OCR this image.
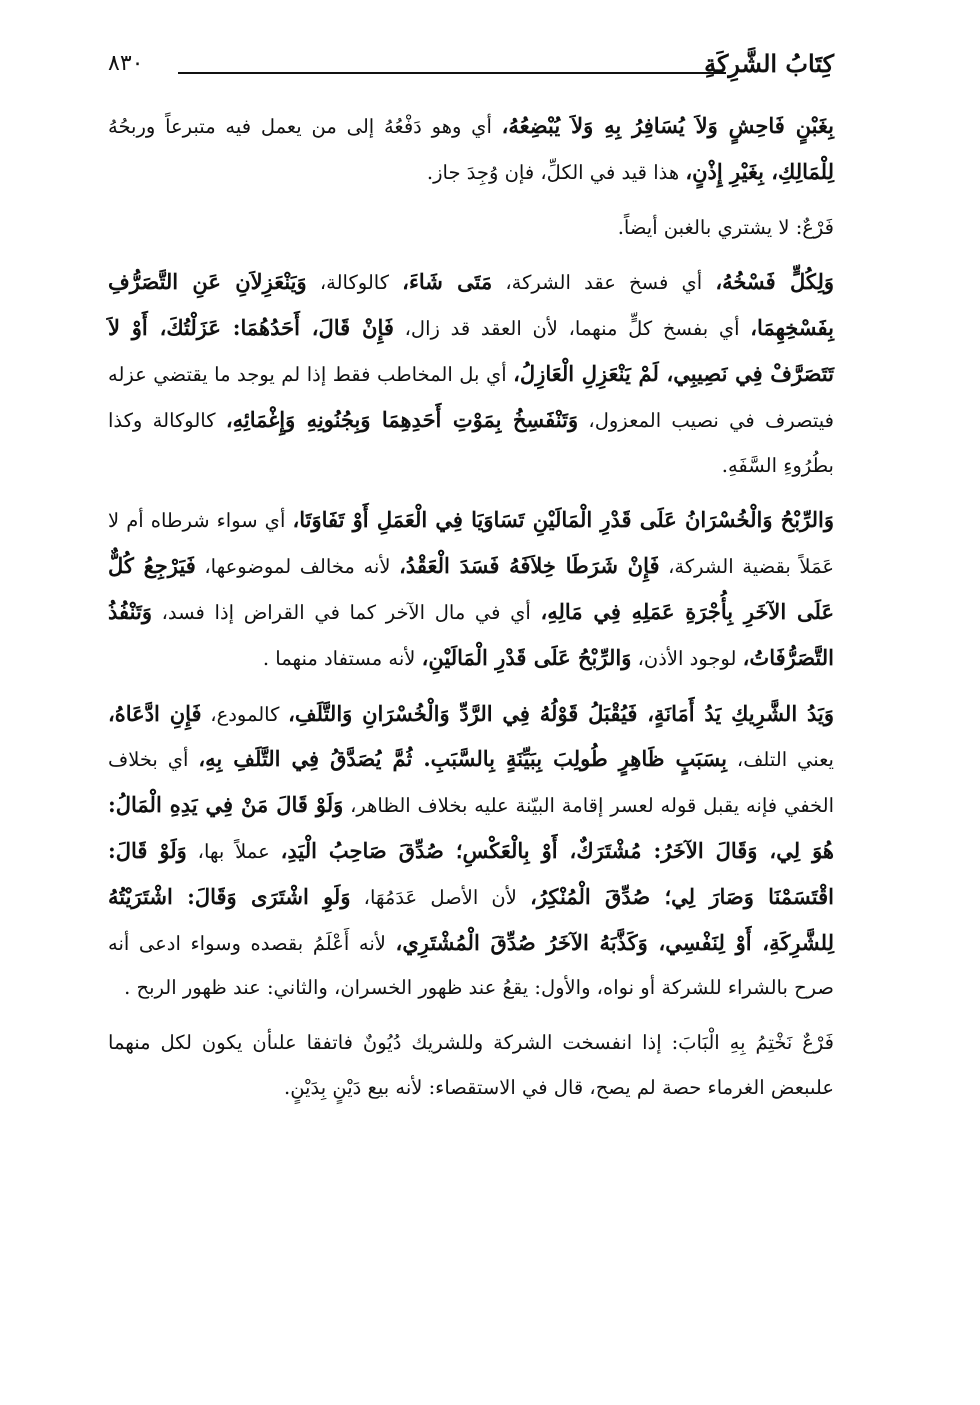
كِتَابُ الشَّرِكَةِ
٨٣٠

بِغَبْنٍ فَاحِشٍ وَلاَ يُسَافِرُ بِهِ وَلاَ يُبْضِعُهُ، أي وهو دَفْعُهُ إلى من يعمل فيه متبرعاً وربحُهُ لِلْمَالِكِ، بِغَيْرِ إِذْنٍ، هذا قيد في الكلِّ، فإن وُجِدَ جاز.

فَرْعٌ: لا يشتري بالغبن أيضاً.

وَلِكُلٍّ فَسْخُهُ، أي فسخ عقد الشركة، مَتَى شَاءَ، كالوكالة، وَيَنْعَزِلاَنِ عَنِ التَّصَرُّفِ بِفَسْخِهِمَا، أي بفسخ كلٍّ منهما، لأن العقد قد زال، فَإِنْ قَالَ، أَحَدُهُمَا: عَزَلْتُكَ، أَوْ لاَ تَتَصَرَّفْ فِي نَصِيبِي، لَمْ يَنْعَزِلِ الْعَازِلُ، أي بل المخاطب فقط إذا لم يوجد ما يقتضي عزله فيتصرف في نصيب المعزول، وَتَنْفَسِخُ بِمَوْتِ أَحَدِهِمَا وَبِجُنُونِهِ وَإِغْمَائِهِ، كالوكالة وكذا بطُرُوءِ السَّفَهِ.

وَالرِّبْحُ وَالْخُسْرَانُ عَلَى قَدْرِ الْمَالَيْنِ تَسَاوَيَا فِي الْعَمَلِ أَوْ تَفَاوَتَا، أي سواء شرطاه أم لا عَمَلاً بقضية الشركة، فَإِنْ شَرَطَا خِلاَفَهُ فَسَدَ الْعَقْدُ، لأنه مخالف لموضوعها، فَيَرْجِعُ كُلٌّ عَلَى الآخَرِ بِأُجْرَةِ عَمَلِهِ فِي مَالِهِ، أي في مال الآخر كما في القراض إذا فسد، وَتَنْفُذُ التَّصَرُّفَاتُ، لوجود الأذن، وَالرِّبْحُ عَلَى قَدْرِ الْمَالَيْنِ، لأنه مستفاد منهما .

وَيَدُ الشَّرِيكِ يَدُ أَمَانَةٍ، فَيُقْبَلُ قَوْلُهُ فِي الرَّدِّ وَالْخُسْرَانِ وَالتَّلَفِ، كالمودع، فَإِنِ ادَّعَاهُ، يعني التلف، بِسَبَبٍ ظَاهِرٍ طُولِبَ بِبَيِّنَةٍ بِالسَّبَبِ. ثُمَّ يُصَدَّقُ فِي التَّلَفِ بِهِ، أي بخلاف الخفي فإنه يقبل قوله لعسر إقامة البيّنة عليه بخلاف الظاهر، وَلَوْ قَالَ مَنْ فِي يَدِهِ الْمَالُ: هُوَ لِي، وَقَالَ الآخَرُ: مُشْتَرَكٌ، أَوْ بِالْعَكْسِ؛ صُدِّقَ صَاحِبُ الْيَدِ، عملاً بها، وَلَوْ قَالَ: اقْتَسَمْنَا وَصَارَ لِي؛ صُدِّقَ الْمُنْكِرُ، لأن الأصل عَدَمُهَا، وَلَوِ اشْتَرَى وَقَالَ: اشْتَرَيْتُهُ لِلشَّرِكَةِ، أَوْ لِنَفْسِي، وَكَذَّبَهُ الآخَرُ صُدِّقَ الْمُشْتَرِي، لأنه أَعْلَمُ بقصده وسواء ادعى أنه صرح بالشراء للشركة أو نواه، والأول: يقعُ عند ظهور الخسران، والثاني: عند ظهور الربح .

فَرْعٌ نَخْتِمُ بِهِ الْبَابَ: إذا انفسخت الشركة وللشريك دُيُونٌ فاتفقا علىأن يكون لكل منهما علىبعض الغرماء حصة لم يصح، قال في الاستقصاء: لأنه بيع دَيْنٍ بِدَيْنٍ.
